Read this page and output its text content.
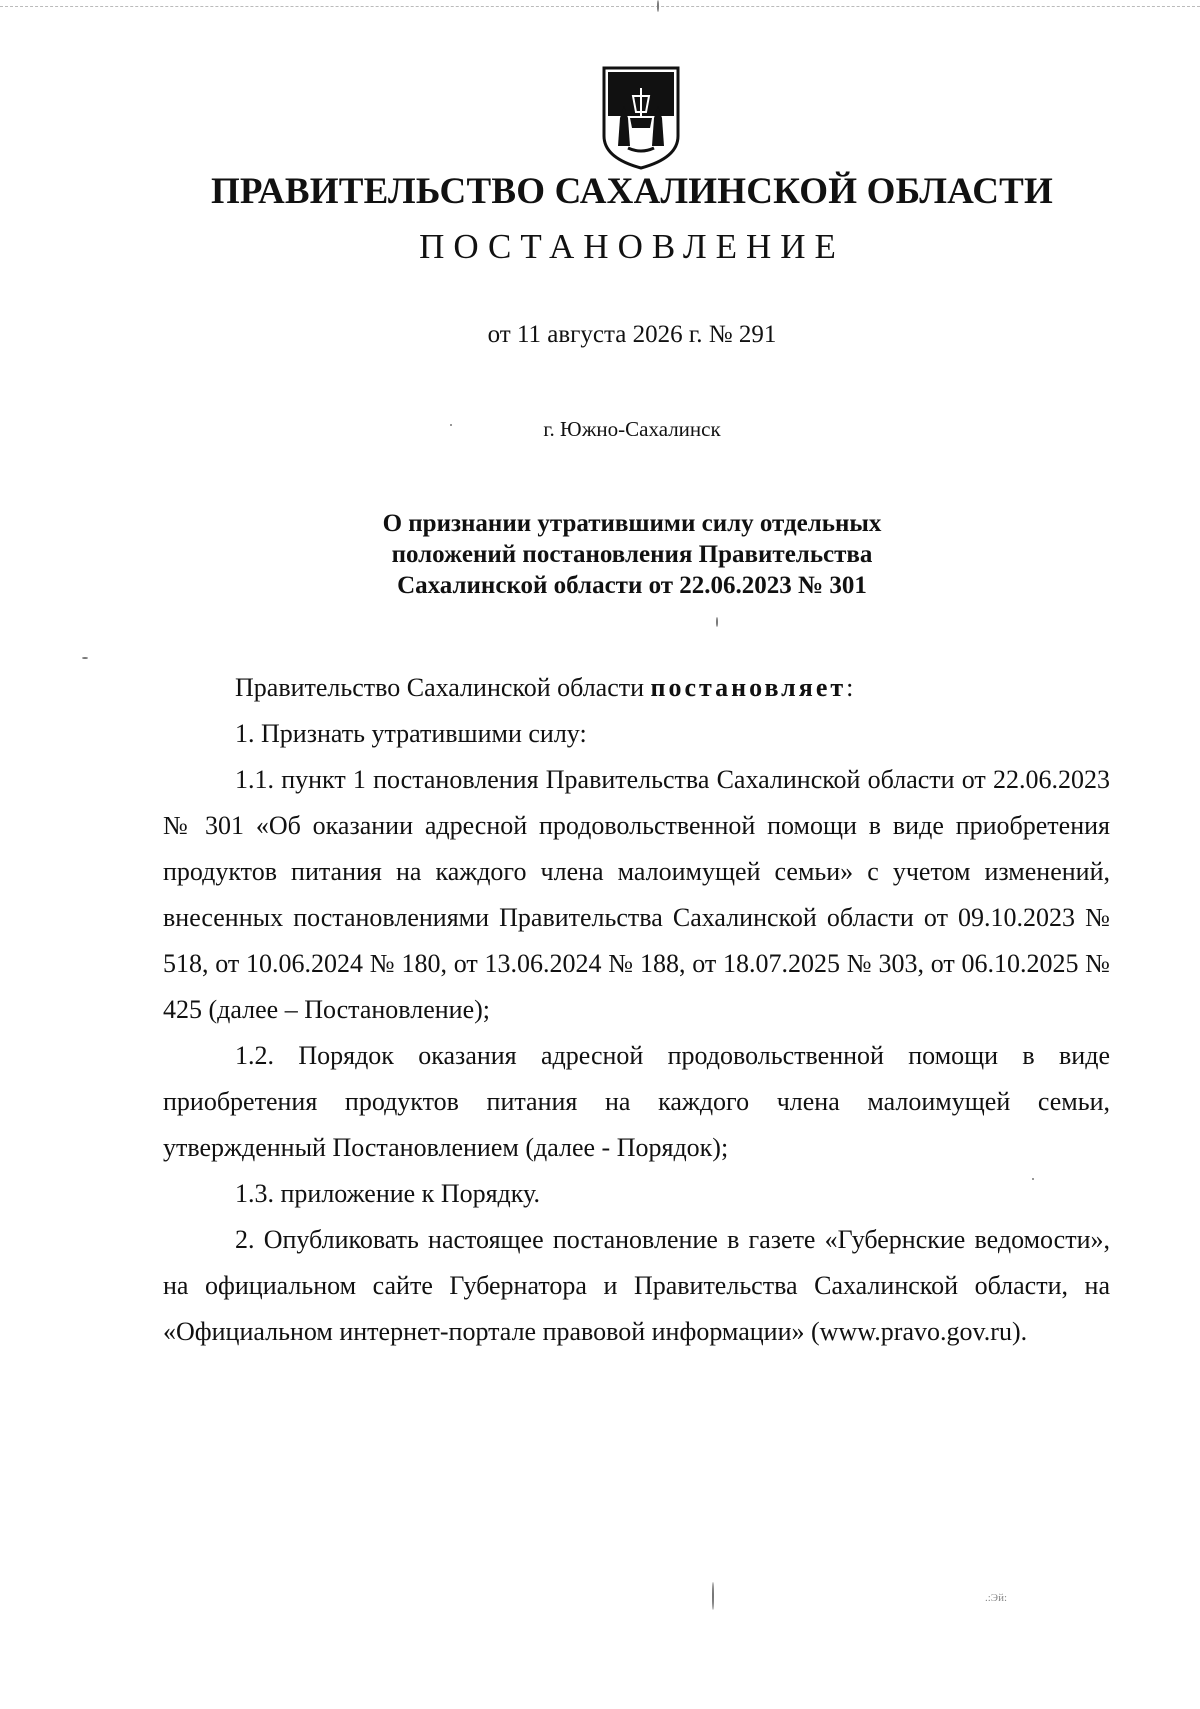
ПРАВИТЕЛЬСТВО САХАЛИНСКОЙ ОБЛАСТИ
ПОСТАНОВЛЕНИЕ
от 11 августа 2026 г. № 291
г. Южно-Сахалинск
О признании утратившими силу отдельных
положений постановления Правительства
Сахалинской области от 22.06.2023 № 301

Правительство Сахалинской области постановляет:

1. Признать утратившими силу:

1.1. пункт 1 постановления Правительства Сахалинской области от 22.06.2023 № 301 «Об оказании адресной продовольственной помощи в виде приобретения продуктов питания на каждого члена малоимущей семьи» с учетом изменений, внесенных постановлениями Правительства Сахалинской области от 09.10.2023 № 518, от 10.06.2024 № 180, от 13.06.2024 № 188, от 18.07.2025 № 303, от 06.10.2025 № 425 (далее – Постановление);

1.2. Порядок оказания адресной продовольственной помощи в виде приобретения продуктов питания на каждого члена малоимущей семьи, утвержденный Постановлением (далее - Порядок);

1.3. приложение к Порядку.

2. Опубликовать настоящее постановление в газете «Губернские ведомости», на официальном сайте Губернатора и Правительства Сахалинской области, на «Официальном интернет-портале правовой информации» (www.pravo.gov.ru).

.:Эй:
